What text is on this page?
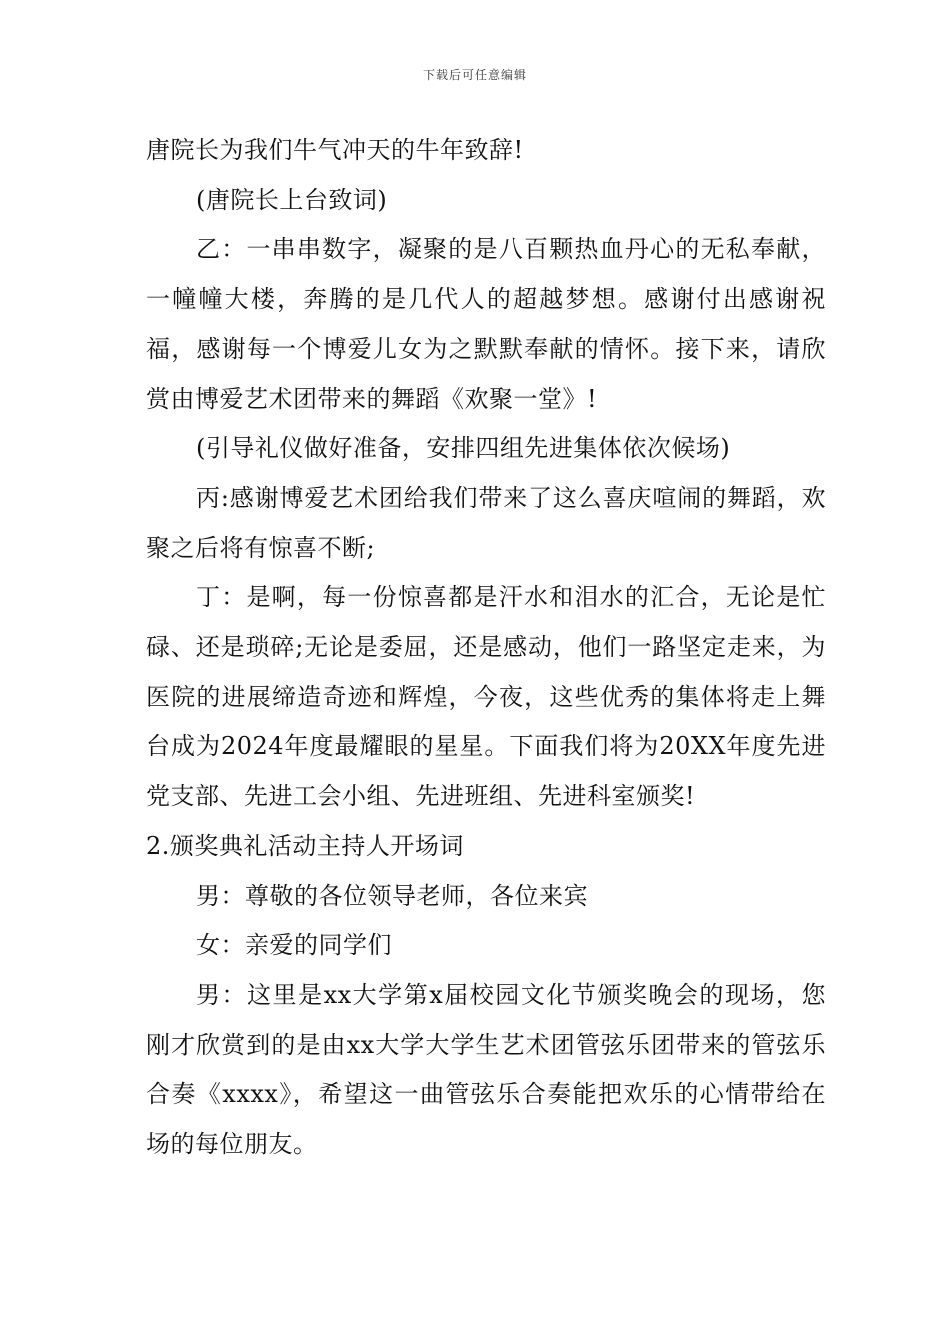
下载后可任意编辑

唐院长为我们牛气冲天的牛年致辞!

(唐院长上台致词)

乙：一串串数字，凝聚的是八百颗热血丹心的无私奉献，一幢幢大楼，奔腾的是几代人的超越梦想。感谢付出感谢祝福，感谢每一个博爱儿女为之默默奉献的情怀。接下来，请欣赏由博爱艺术团带来的舞蹈《欢聚一堂》!

(引导礼仪做好准备，安排四组先进集体依次候场)

丙:感谢博爱艺术团给我们带来了这么喜庆喧闹的舞蹈，欢聚之后将有惊喜不断;

丁：是啊，每一份惊喜都是汗水和泪水的汇合，无论是忙碌、还是琐碎;无论是委屈，还是感动，他们一路坚定走来，为医院的进展缔造奇迹和辉煌，今夜，这些优秀的集体将走上舞台成为2024年度最耀眼的星星。下面我们将为20XX年度先进党支部、先进工会小组、先进班组、先进科室颁奖!

2.颁奖典礼活动主持人开场词

男：尊敬的各位领导老师，各位来宾

女：亲爱的同学们

男：这里是xx大学第x届校园文化节颁奖晚会的现场，您刚才欣赏到的是由xx大学大学生艺术团管弦乐团带来的管弦乐合奏《xxxx》，希望这一曲管弦乐合奏能把欢乐的心情带给在场的每位朋友。
